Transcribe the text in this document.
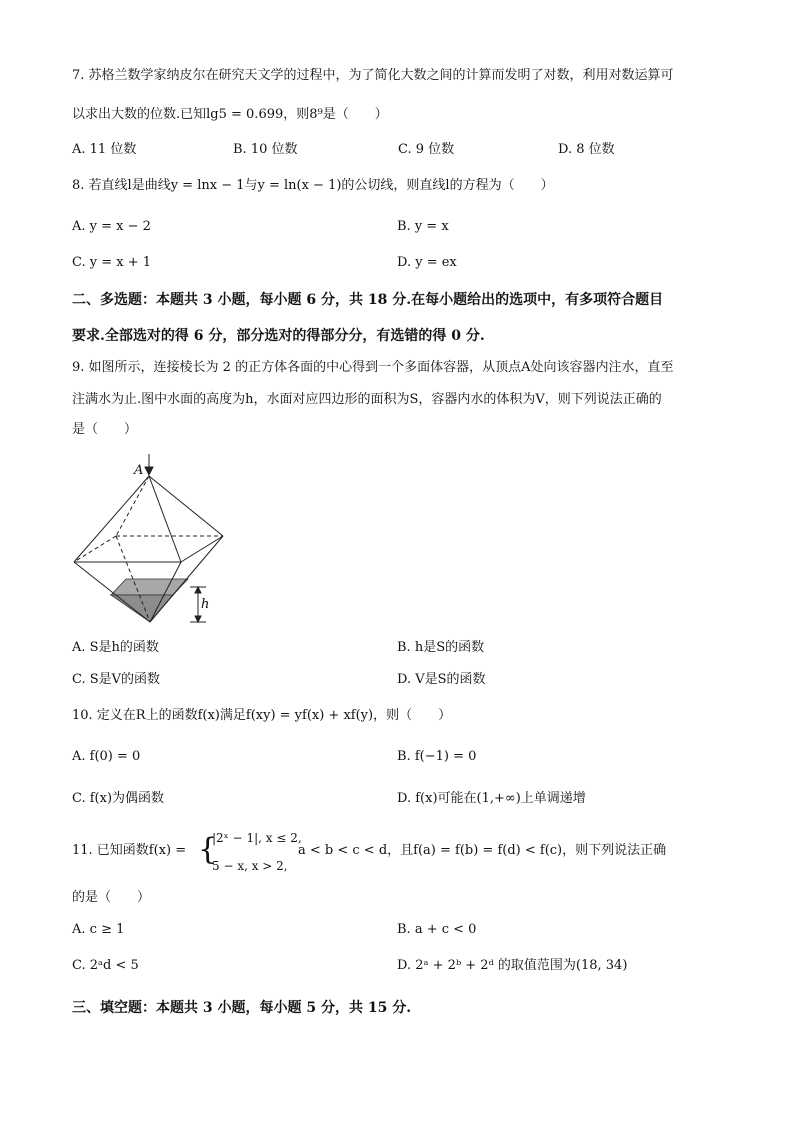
7. 苏格兰数学家纳皮尔在研究天文学的过程中，为了简化大数之间的计算而发明了对数，利用对数运算可
以求出大数的位数.已知lg5 = 0.699，则8⁹是（　　）
A. 11 位数	B. 10 位数	C. 9 位数	D. 8 位数
8. 若直线l是曲线y = lnx − 1与y = ln(x − 1)的公切线，则直线l的方程为（　　）
A. y = x − 2	B. y = x
C. y = x + 1	D. y = ex
二、多选题：本题共 3 小题，每小题 6 分，共 18 分.在每小题给出的选项中，有多项符合题目
要求.全部选对的得 6 分，部分选对的得部分分，有选错的得 0 分.
9. 如图所示，连接棱长为 2 的正方体各面的中心得到一个多面体容器，从顶点A处向该容器内注水，直至
注满水为止.图中水面的高度为h，水面对应四边形的面积为S，容器内水的体积为V，则下列说法正确的
是（　　）
A
h
A. S是h的函数	B. h是S的函数
C. S是V的函数	D. V是S的函数
10. 定义在R上的函数f(x)满足f(xy) = yf(x) + xf(y)，则（　　）
A. f(0) = 0	B. f(−1) = 0
C. f(x)为偶函数	D. f(x)可能在(1,+∞)上单调递增
11. 已知函数f(x) = {
|2ˣ − 1|, x ≤ 2,
5 − x, x > 2,
a < b < c < d，且f(a) = f(b) = f(d) < f(c)，则下列说法正确
的是（　　）
A. c ≥ 1	B. a + c < 0
C. 2ᵃd < 5	D. 2ᵃ + 2ᵇ + 2ᵈ 的取值范围为(18, 34)
三、填空题：本题共 3 小题，每小题 5 分，共 15 分.
